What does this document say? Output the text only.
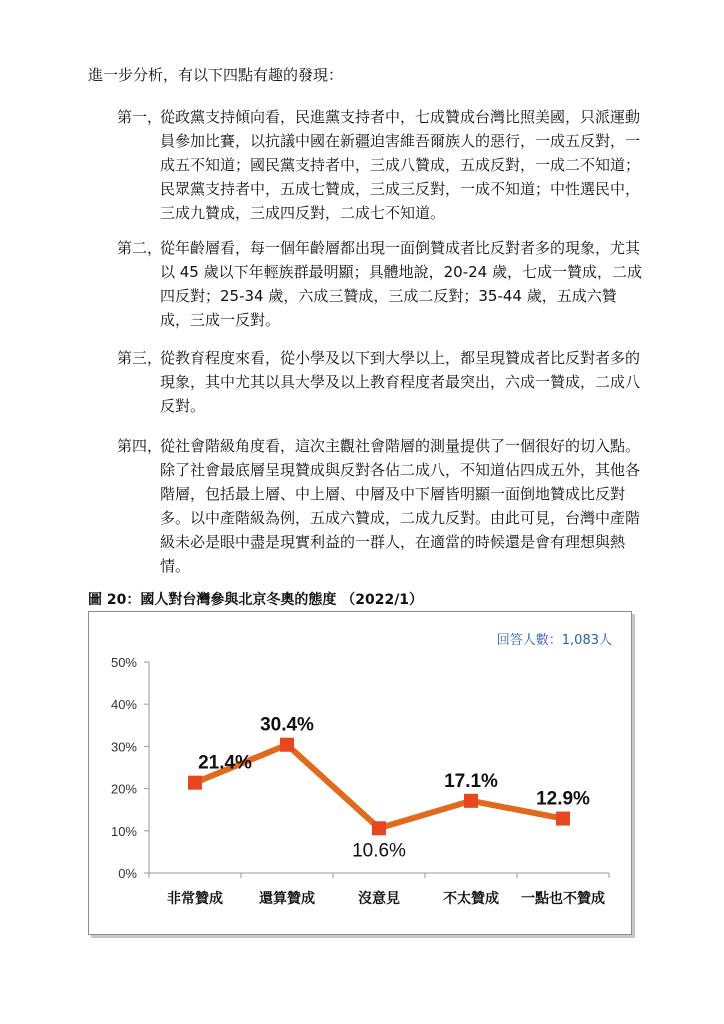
進一步分析，有以下四點有趣的發現：
第一，
從政黨支持傾向看，民進黨支持者中，七成贊成台灣比照美國，只派運動員參加比賽，以抗議中國在新疆迫害維吾爾族人的惡行，一成五反對，一成五不知道；國民黨支持者中，三成八贊成，五成反對，一成二不知道；民眾黨支持者中，五成七贊成，三成三反對，一成不知道；中性選民中，三成九贊成，三成四反對，二成七不知道。
第二，
從年齡層看，每一個年齡層都出現一面倒贊成者比反對者多的現象，尤其以 45 歲以下年輕族群最明顯；具體地說，20-24 歲，七成一贊成，二成四反對；25-34 歲，六成三贊成，三成二反對；35-44 歲，五成六贊成，三成一反對。
第三，
從教育程度來看，從小學及以下到大學以上，都呈現贊成者比反對者多的現象，其中尤其以具大學及以上教育程度者最突出，六成一贊成，二成八反對。
第四，
從社會階級角度看，這次主觀社會階層的測量提供了一個很好的切入點。除了社會最底層呈現贊成與反對各佔二成八，不知道佔四成五外，其他各階層，包括最上層、中上層、中層及中下層皆明顯一面倒地贊成比反對多。以中產階級為例，五成六贊成，二成九反對。由此可見，台灣中產階級未必是眼中盡是現實利益的一群人，在適當的時候還是會有理想與熱情。
圖 20：國人對台灣參與北京冬奧的態度 （2022/1）
回答人數：1,083人
0%
10%
20%
30%
40%
50%
非常贊成	還算贊成	沒意見	不太贊成 一點也不贊成
21.4%
30.4%
10.6%
17.1%
12.9%
